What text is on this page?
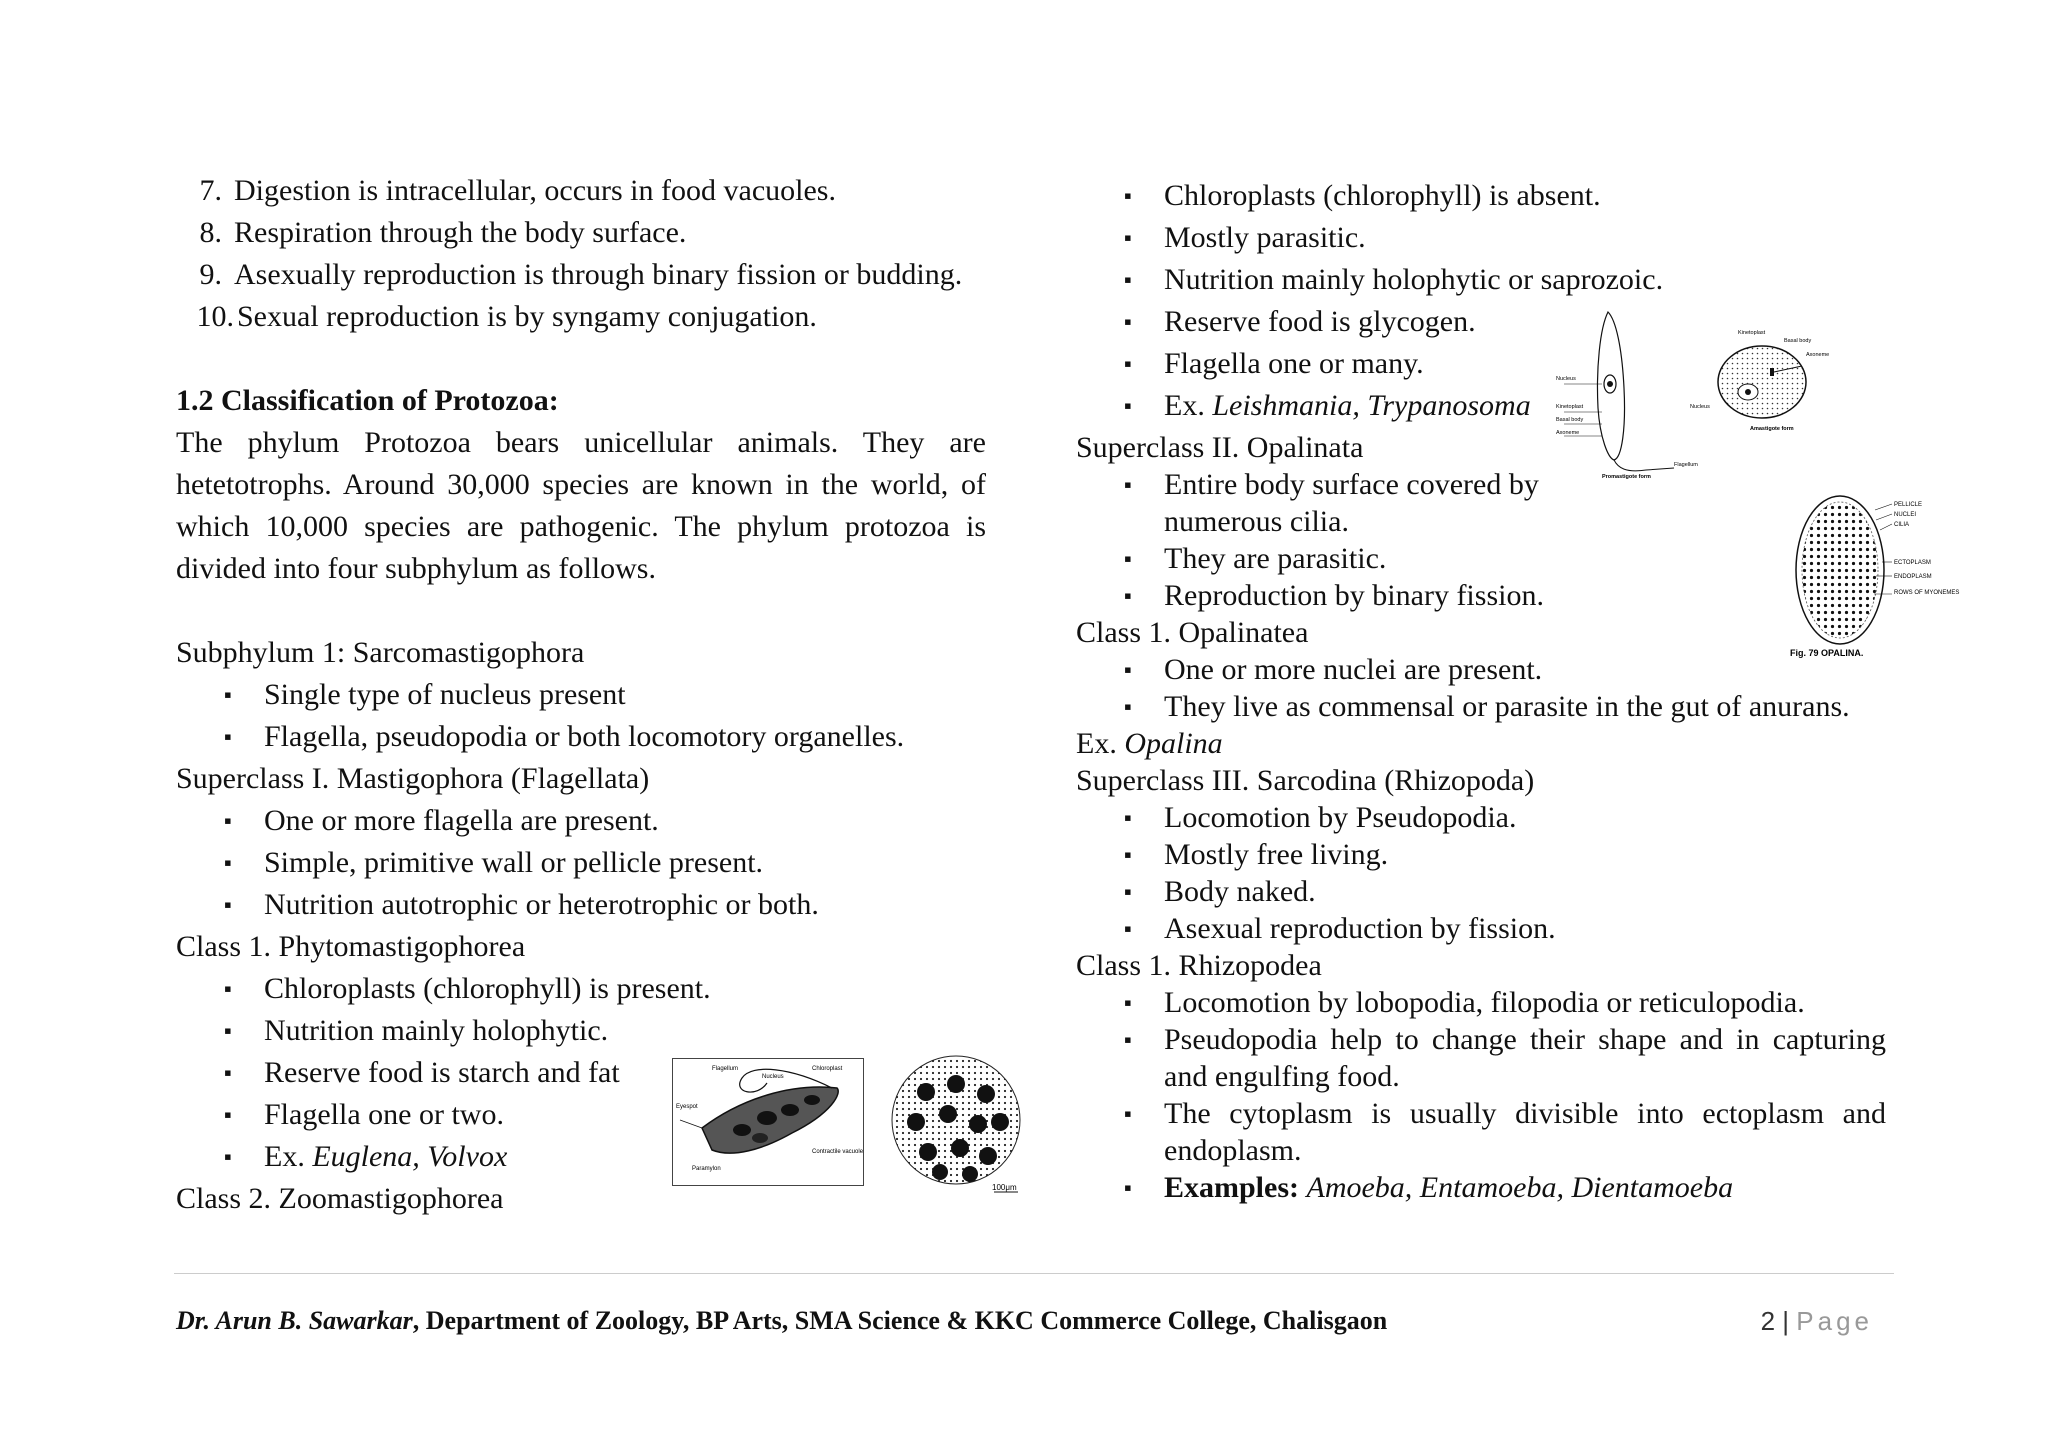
7. Digestion is intracellular, occurs in food vacuoles.
8. Respiration through the body surface.
9. Asexually reproduction is through binary fission or budding.
10. Sexual reproduction is by syngamy conjugation.

1.2 Classification of Protozoa:

The phylum Protozoa bears unicellular animals. They are hetetotrophs. Around 30,000 species are known in the world, of which 10,000 species are pathogenic. The phylum protozoa is divided into four subphylum as follows.

Subphylum 1: Sarcomastigophora

▪	Single type of nucleus present
▪	Flagella, pseudopodia or both locomotory organelles.

Superclass I. Mastigophora (Flagellata)

▪	One or more flagella are present.
▪	Simple, primitive wall or pellicle present.
▪	Nutrition autotrophic or heterotrophic or both.

Class 1. Phytomastigophorea

▪	Chloroplasts (chlorophyll) is present.
▪	Nutrition mainly holophytic.
▪	Reserve food is starch and fat
▪	Flagella one or two.
▪	Ex. Euglena, Volvox

Class 2. Zoomastigophorea

▪	Chloroplasts (chlorophyll) is absent.
▪	Mostly parasitic.
▪	Nutrition mainly holophytic or saprozoic.
▪	Reserve food is glycogen.
▪	Flagella one or many.
▪	Ex. Leishmania, Trypanosoma

Superclass II. Opalinata

▪	Entire body surface covered by numerous cilia.
▪	They are parasitic.
▪	Reproduction by binary fission.

Class 1. Opalinatea

▪	One or more nuclei are present.
▪	They live as commensal or parasite in the gut of anurans.

Ex. Opalina

Superclass III. Sarcodina (Rhizopoda)

▪	Locomotion by Pseudopodia.
▪	Mostly free living.
▪	Body naked.
▪	Asexual reproduction by fission.

Class 1. Rhizopodea

▪	Locomotion by lobopodia, filopodia or reticulopodia.
▪	Pseudopodia help to change their shape and in capturing and engulfing food.
▪	The cytoplasm is usually divisible into ectoplasm and endoplasm.
▪	Examples: Amoeba, Entamoeba, Dientamoeba
Eyespot
Flagellum	Chloroplast
Nucleus
Contractile vacuole
Paramylon
100μm
Nucleus
Kinetoplast
Basal body
Axoneme
Flagellum
Promastigote form
Kinetoplast
Basal body
Axoneme
Nucleus
Amastigote form
PELLICLE
NUCLEI
CILIA
ECTOPLASM
ENDOPLASM
ROWS OF MYONEMES
Fig. 79 OPALINA.
Dr. Arun B. Sawarkar, Department of Zoology, BP Arts, SMA Science & KKC Commerce College, Chalisgaon	2 | Page
